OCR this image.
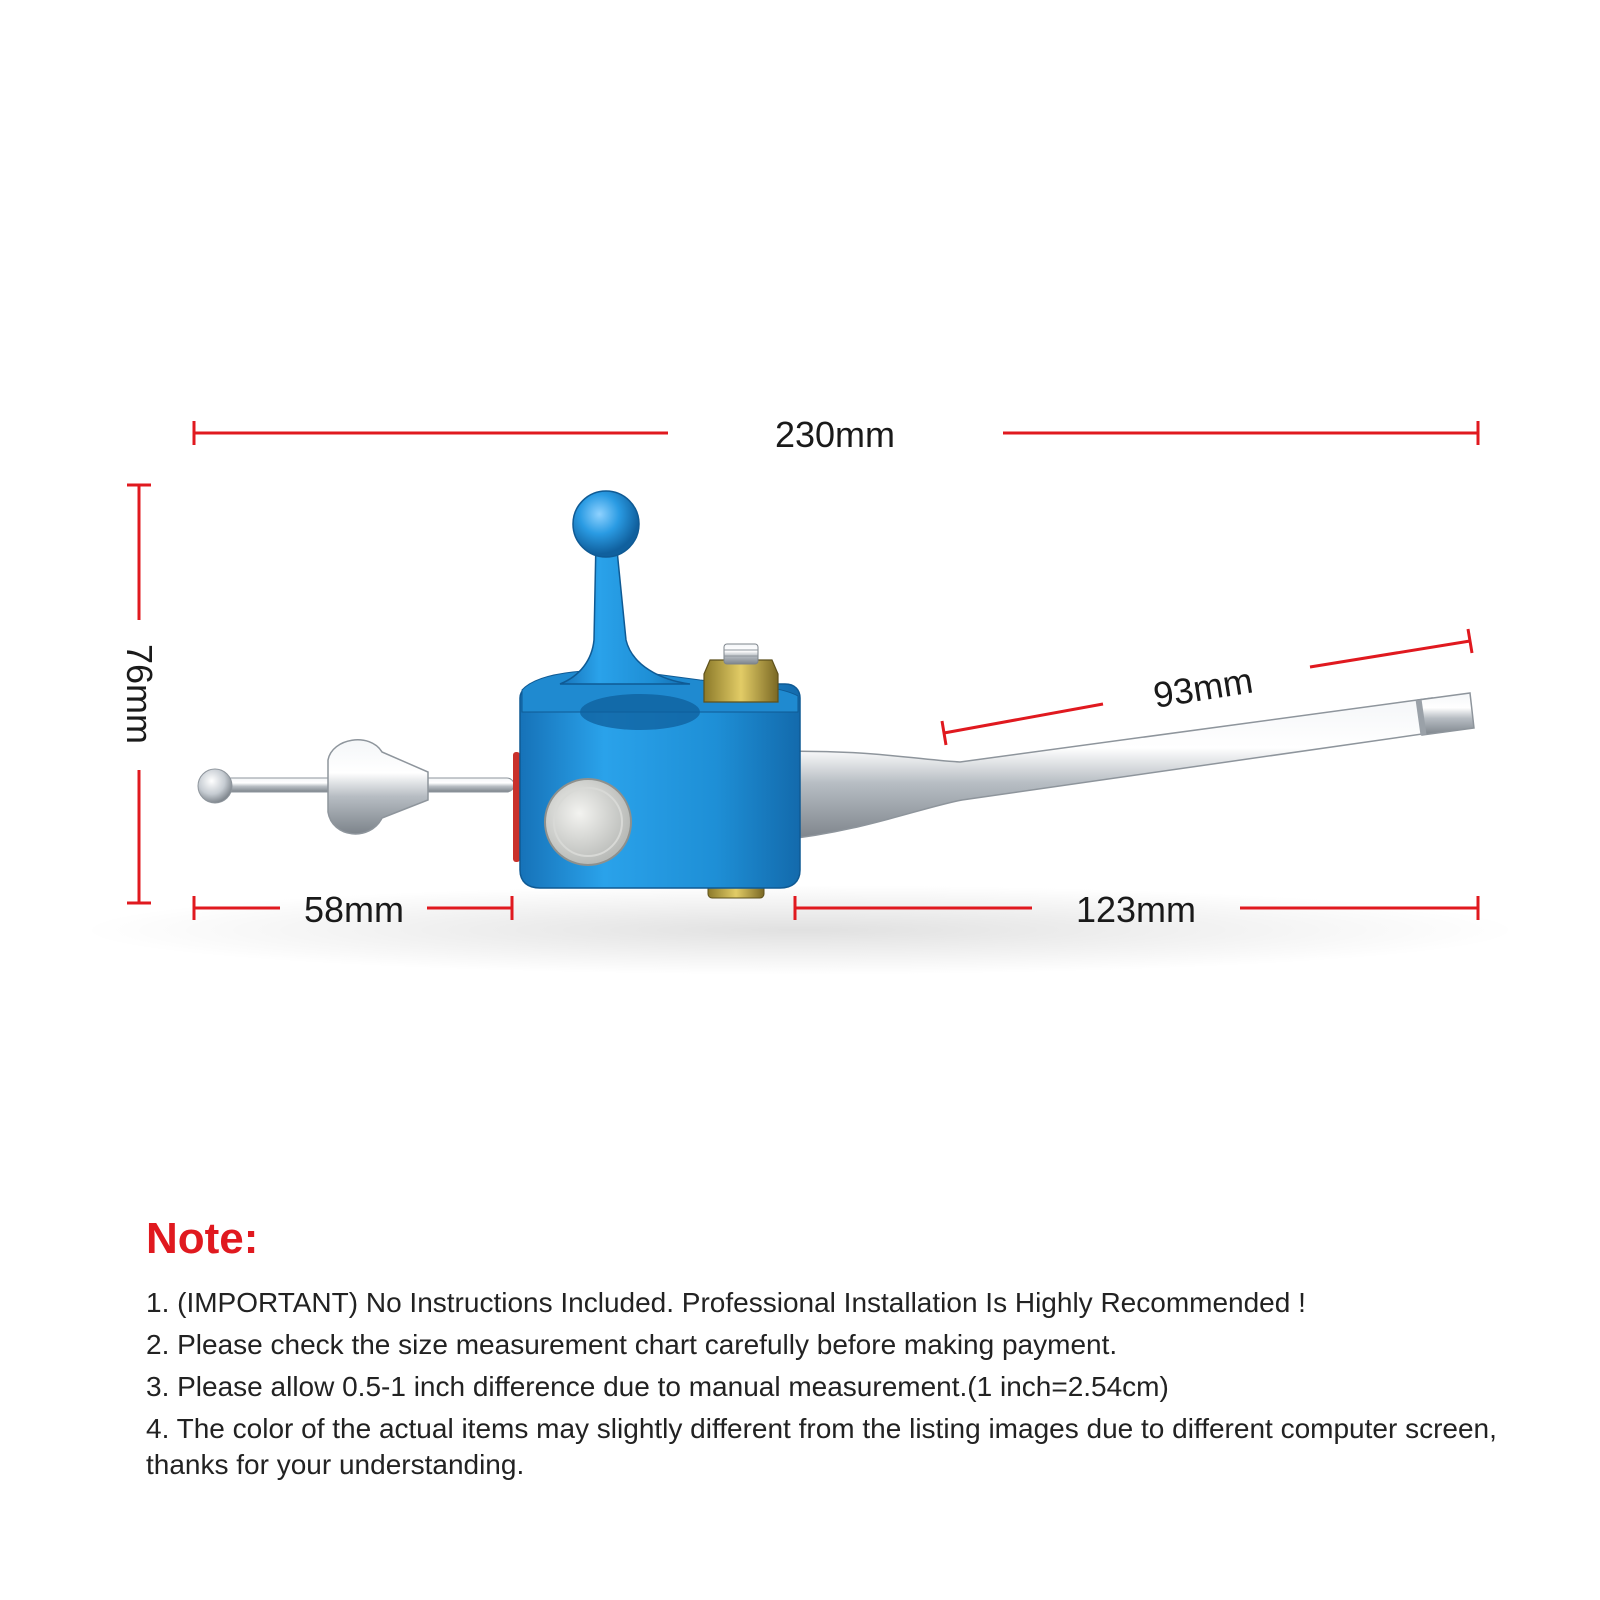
230mm
76mm
58mm	123mm
93mm
Note:
1. (IMPORTANT) No Instructions Included. Professional Installation Is Highly Recommended !
2. Please check the size measurement chart carefully before making payment.
3. Please allow 0.5-1 inch difference due to manual measurement.(1 inch=2.54cm)
4. The color of the actual items may slightly different from the listing images due to different computer screen, thanks for your understanding.
